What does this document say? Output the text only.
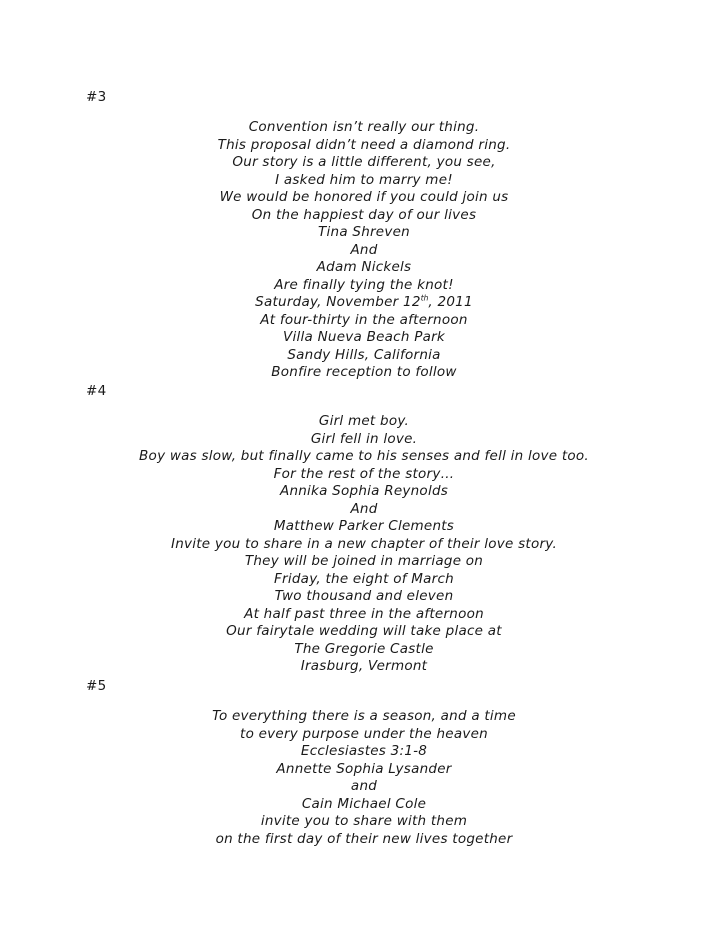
#3
Convention isn’t really our thing.
This proposal didn’t need a diamond ring.
Our story is a little different, you see,
I asked him to marry me!
We would be honored if you could join us
On the happiest day of our lives
Tina Shreven
And
Adam Nickels
Are finally tying the knot!
Saturday, November 12th, 2011
At four-thirty in the afternoon
Villa Nueva Beach Park
Sandy Hills, California
Bonfire reception to follow
#4
Girl met boy.
Girl fell in love.
Boy was slow, but finally came to his senses and fell in love too.
For the rest of the story…
Annika Sophia Reynolds
And
Matthew Parker Clements
Invite you to share in a new chapter of their love story.
They will be joined in marriage on
Friday, the eight of March
Two thousand and eleven
At half past three in the afternoon
Our fairytale wedding will take place at
The Gregorie Castle
Irasburg, Vermont
#5
To everything there is a season, and a time
to every purpose under the heaven
Ecclesiastes 3:1-8
Annette Sophia Lysander
and
Cain Michael Cole
invite you to share with them
on the first day of their new lives together
